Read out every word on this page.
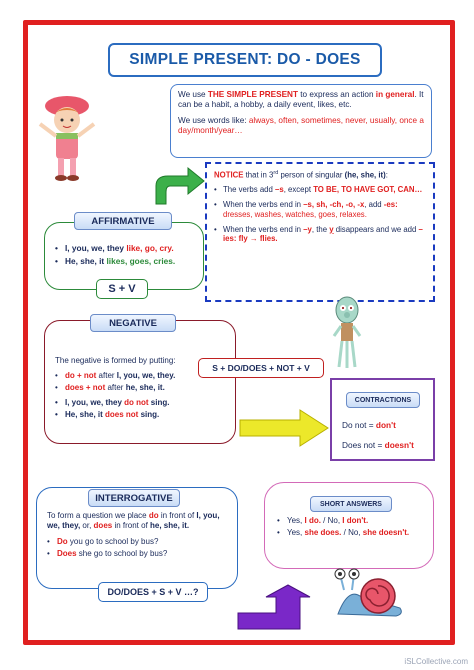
SIMPLE PRESENT: DO - DOES

We use THE SIMPLE PRESENT to express an action in general. It can be a habit, a hobby, a daily event, likes, etc.

We use words like: always, often, sometimes, never, usually, once a day/month/year…

NOTICE that in 3rd person of singular (he, she, it):
• The verbs add –s, except TO BE, TO HAVE GOT, CAN…
• When the verbs end in –s, sh, -ch, -o, -x, add -es: dresses, washes, watches, goes, relaxes.
• When the verbs end in –y, the y disappears and we add –ies: fly → flies.
• I, you, we, they like, go, cry.
• He, she, it likes, goes, cries.
AFFIRMATIVE
S + V
The negative is formed by putting:
• do + not after I, you, we, they.
• does + not after he, she, it.
• I, you, we, they do not sing.
• He, she, it does not sing.
NEGATIVE
S + DO/DOES + NOT + V
Do not = don't
Does not = doesn't
CONTRACTIONS
To form a question we place do in front of I, you, we, they, or, does in front of he, she, it.
• Do you go to school by bus?
• Does she go to school by bus?
INTERROGATIVE
DO/DOES + S + V …?
• Yes, I do. / No, I don't.
• Yes, she does. / No, she doesn't.
SHORT ANSWERS
iSLCollective.com
